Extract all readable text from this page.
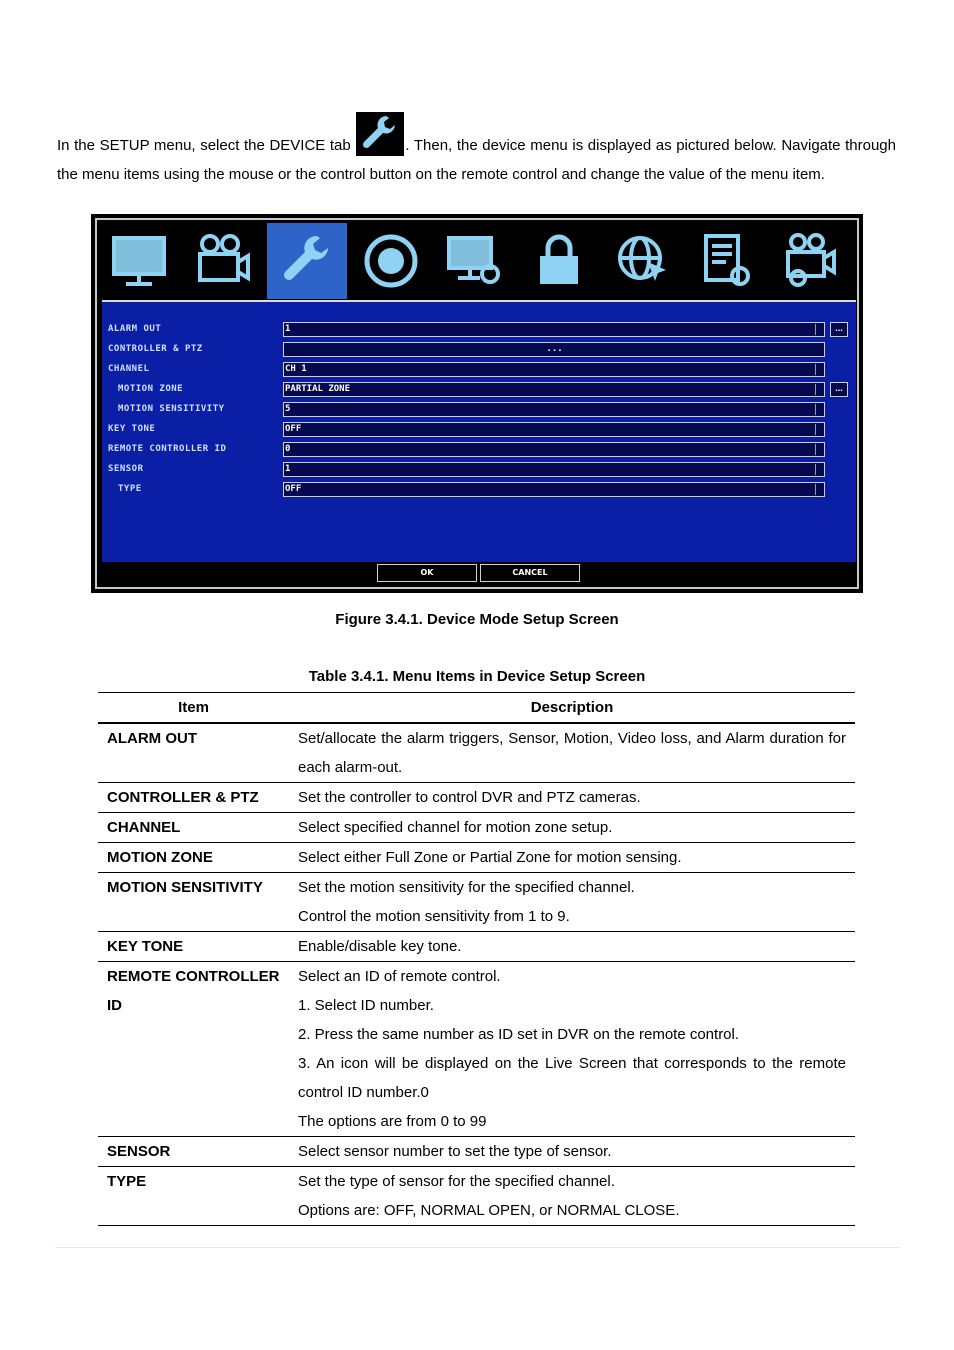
In the SETUP menu, select the DEVICE tab	. Then, the device menu is displayed as pictured below. Navigate through the menu items using the mouse or the control button on the remote control and change the value of the menu item.
ALARM OUT	1	...
CONTROLLER & PTZ	...
CHANNEL	CH 1
MOTION ZONE	PARTIAL ZONE	...
MOTION SENSITIVITY	5
KEY TONE	OFF
REMOTE CONTROLLER ID	0
SENSOR	1
TYPE	OFF
OK	CANCEL
Figure 3.4.1. Device Mode Setup Screen
Table 3.4.1. Menu Items in Device Setup Screen
Item	Description
ALARM OUT	Set/allocate the alarm triggers, Sensor, Motion, Video loss, and Alarm duration for each alarm-out.

CONTROLLER & PTZ	Set the controller to control DVR and PTZ cameras.

CHANNEL	Select specified channel for motion zone setup.

MOTION ZONE	Select either Full Zone or Partial Zone for motion sensing.

MOTION SENSITIVITY	Set the motion sensitivity for the specified channel.
Control the motion sensitivity from 1 to 9.

KEY TONE	Enable/disable key tone.

REMOTE CONTROLLER ID	Select an ID of remote control.
1. Select ID number.
2. Press the same number as ID set in DVR on the remote control.
3. An icon will be displayed on the Live Screen that corresponds to the remote control ID number.0
The options are from 0 to 99

SENSOR	Select sensor number to set the type of sensor.

TYPE	Set the type of sensor for the specified channel.
Options are: OFF, NORMAL OPEN, or NORMAL CLOSE.
